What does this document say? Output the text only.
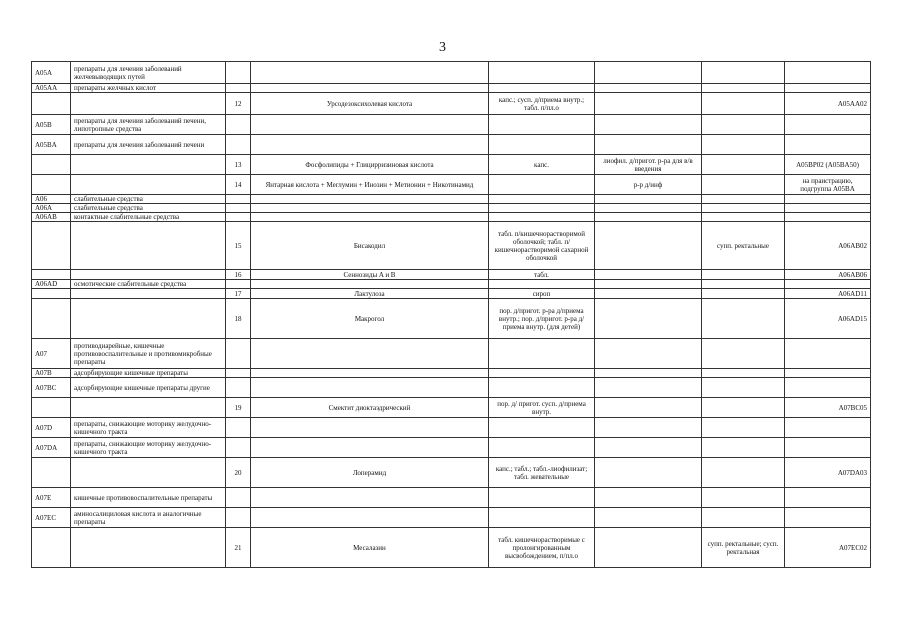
3
A05A	препараты для лечения заболеваний желчевыводящих путей						
A05AA	препараты желчных кислот						
		12	Урсодезоксихолевая кислота	капс.; сусп. д/приема внутр.; табл. п/пл.о			A05AA02
A05B	препараты для лечения заболеваний печени, липотропные средства						
A05BA	препараты для лечения заболеваний печени						
		13	Фосфолипиды + Глицирризиновая кислота	капс.	лиофил. д/пригот. р-ра для в/в введения		A05BP02 (A05BA50)
		14	Янтарная кислота + Меглумин + Инозин + Метионин + Никотинамид		р-р д/инф		на праистрацию, подгруппа A05BA
A06	слабительные средства						
A06A	слабительные средства						
A06AB	контактные слабительные средства						
		15	Бисакодил	табл. п/кишечнорастворимой оболочкой; табл. п/кишечнорастворимой сахарной оболочкой		супп. ректальные	A06AB02
		16	Сеннозиды A и B	табл.			A06AB06
A06AD	осмотические слабительные средства						
		17	Лактулоза	сироп			A06AD11
		18	Макрогол	пор. д/пригот. р-ра д/приема внутр.; пор. д/пригот. р-ра д/приема внутр. (для детей)			A06AD15
A07	противодиарейные, кишечные противовоспалительные и противомикробные препараты						
A07B	адсорбирующие кишечные препараты						
A07BC	адсорбирующие кишечные препараты другие						
		19	Смектит диоктаэдрический	пор. д/ пригот. сусп. д/приема внутр.			A07BC05
A07D	препараты, снижающие моторику желудочно-кишечного тракта						
A07DA	препараты, снижающие моторику желудочно-кишечного тракта						
		20	Лоперамид	капс.; табл.; табл.-лиофилизат; табл. жевательные			A07DA03
A07E	кишечные противовоспалительные препараты						
A07EC	аминосалициловая кислота и аналогичные препараты						
		21	Месалазин	табл. кишечнорастворимые с пролонгированным высвобождением, п/пл.о		супп. ректальные; сусп. ректальная	A07EC02
